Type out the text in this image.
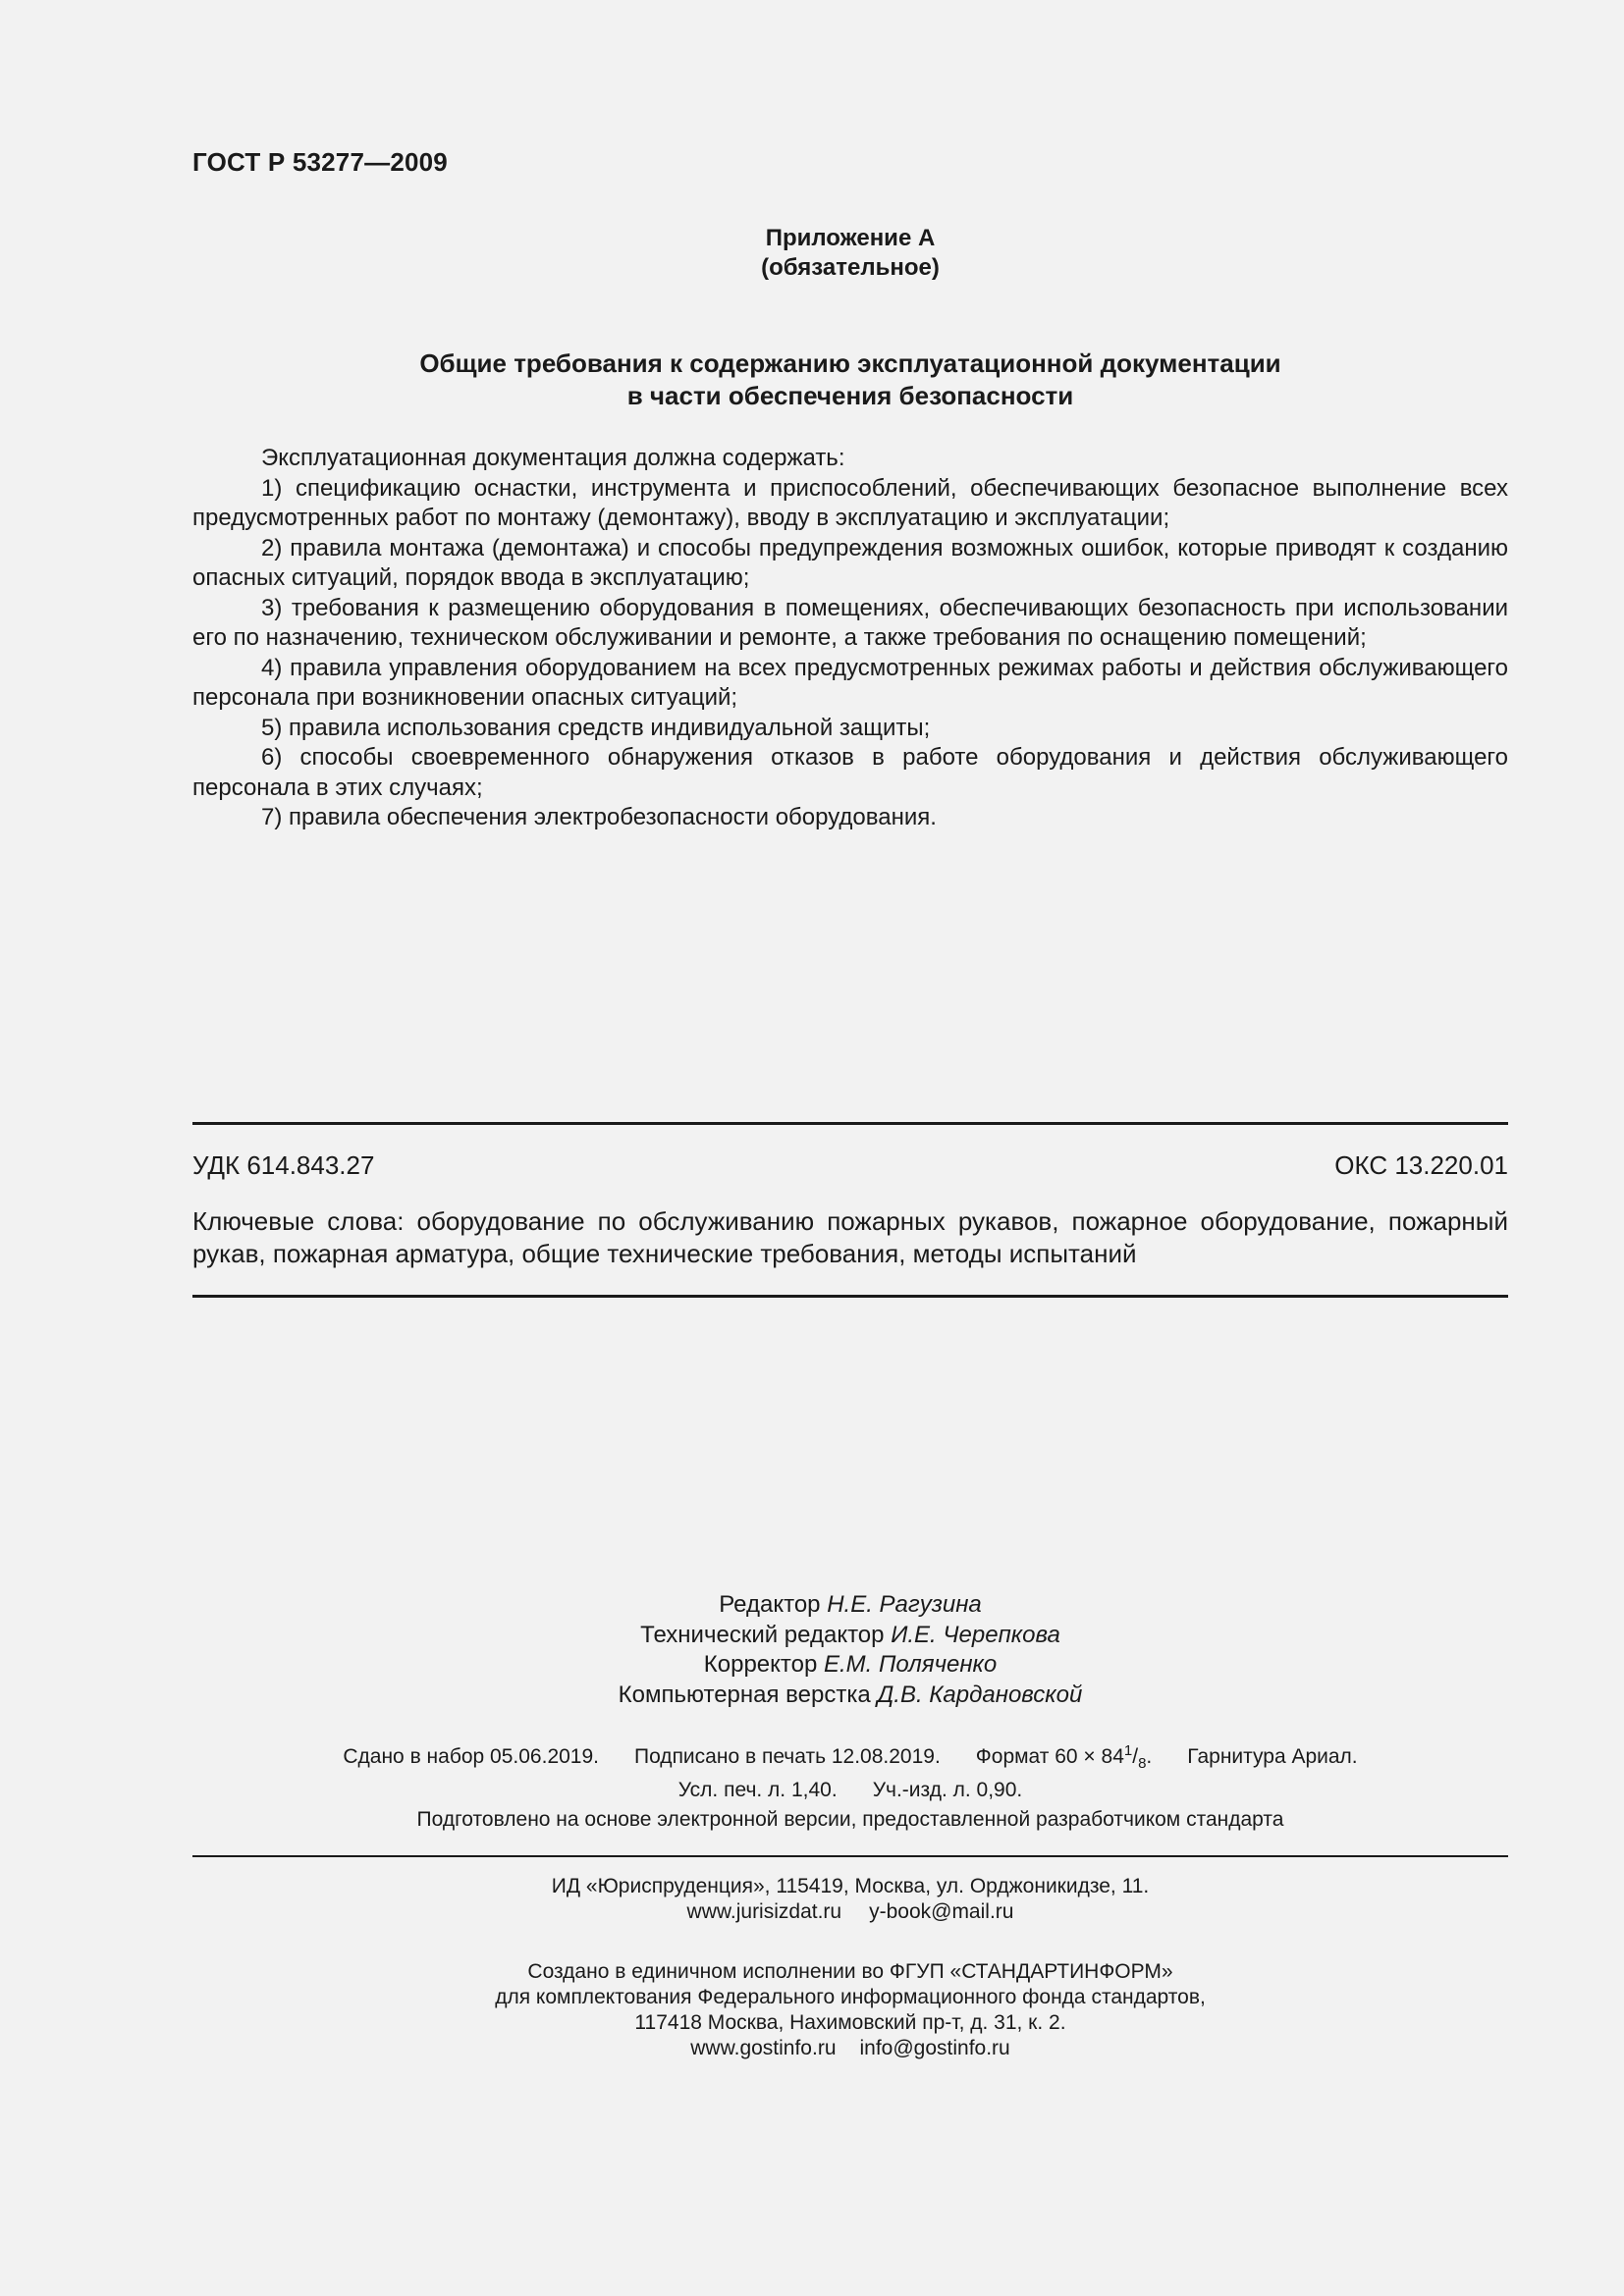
ГОСТ Р 53277—2009
Приложение А
(обязательное)
Общие требования к содержанию эксплуатационной документации
в части обеспечения безопасности

Эксплуатационная документация должна содержать:

1) спецификацию оснастки, инструмента и приспособлений, обеспечивающих безопасное выполнение всех предусмотренных работ по монтажу (демонтажу), вводу в эксплуатацию и эксплуатации;

2) правила монтажа (демонтажа) и способы предупреждения возможных ошибок, которые приводят к созданию опасных ситуаций, порядок ввода в эксплуатацию;

3) требования к размещению оборудования в помещениях, обеспечивающих безопасность при использовании его по назначению, техническом обслуживании и ремонте, а также требования по оснащению помещений;

4) правила управления оборудованием на всех предусмотренных режимах работы и действия обслуживающего персонала при возникновении опасных ситуаций;

5) правила использования средств индивидуальной защиты;

6) способы своевременного обнаружения отказов в работе оборудования и действия обслуживающего персонала в этих случаях;

7) правила обеспечения электробезопасности оборудования.

УДК 614.843.27	ОКС 13.220.01
Ключевые слова: оборудование по обслуживанию пожарных рукавов, пожарное оборудование, пожарный рукав, пожарная арматура, общие технические требования, методы испытаний
Редактор Н.Е. Рагузина
Технический редактор И.Е. Черепкова
Корректор Е.М. Поляченко
Компьютерная верстка Д.В. Кардановской
Сдано в набор 05.06.2019. Подписано в печать 12.08.2019. Формат $60 \times 84^1/_8$. Гарнитура Ариал.
Усл. печ. л. 1,40. Уч.-изд. л. 0,90.
Подготовлено на основе электронной версии, предоставленной разработчиком стандарта
ИД «Юриспруденция», 115419, Москва, ул. Орджоникидзе, 11.
www.jurisizdat.ru y-book@mail.ru
Создано в единичном исполнении во ФГУП «СТАНДАРТИНФОРМ»
для комплектования Федерального информационного фонда стандартов,
117418 Москва, Нахимовский пр-т, д. 31, к. 2.
www.gostinfo.ru info@gostinfo.ru
